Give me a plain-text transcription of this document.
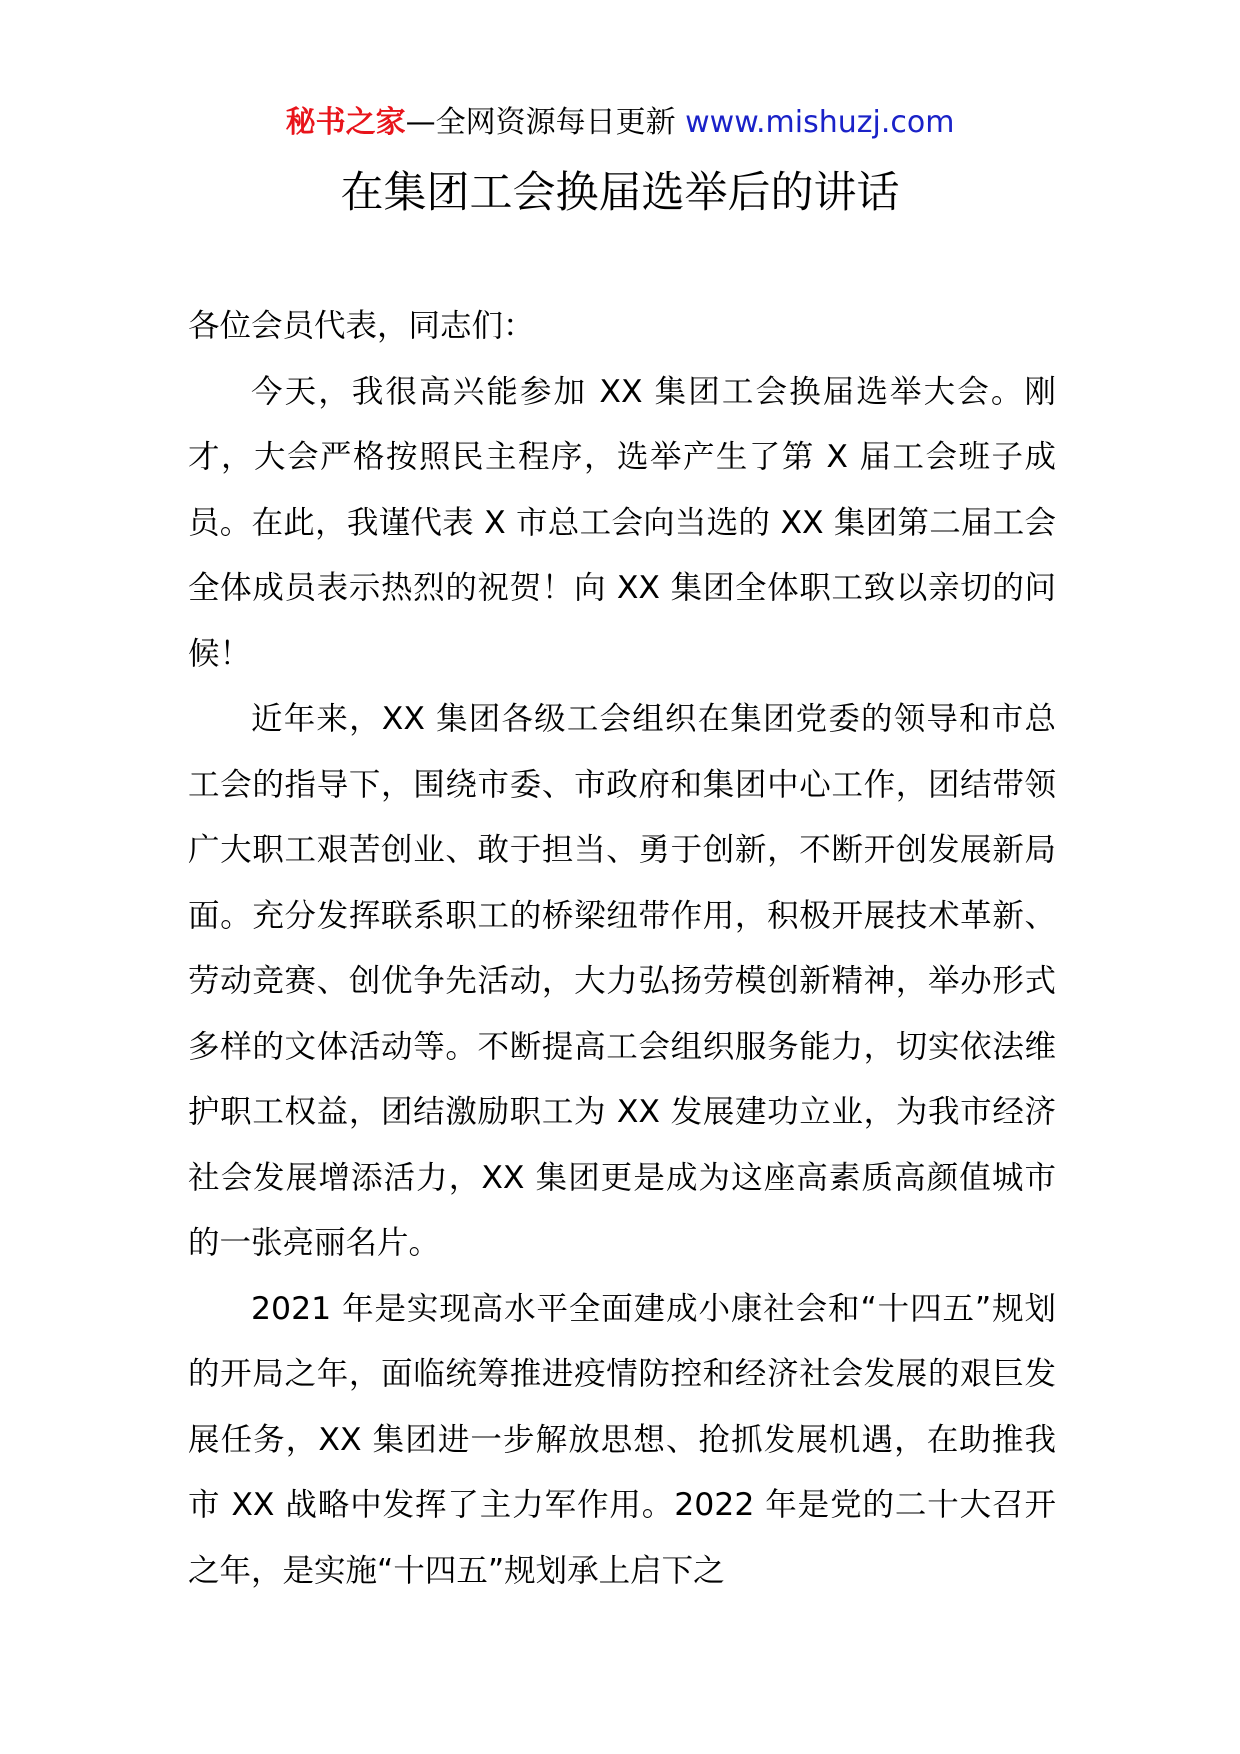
秘书之家—全网资源每日更新 www.mishuzj.com
在集团工会换届选举后的讲话

各位会员代表，同志们：

今天，我很高兴能参加 XX 集团工会换届选举大会。刚才，大会严格按照民主程序，选举产生了第 X 届工会班子成员。在此，我谨代表 X 市总工会向当选的 XX 集团第二届工会全体成员表示热烈的祝贺！向 XX 集团全体职工致以亲切的问候！

近年来，XX 集团各级工会组织在集团党委的领导和市总工会的指导下，围绕市委、市政府和集团中心工作，团结带领广大职工艰苦创业、敢于担当、勇于创新，不断开创发展新局面。充分发挥联系职工的桥梁纽带作用，积极开展技术革新、劳动竞赛、创优争先活动，大力弘扬劳模创新精神，举办形式多样的文体活动等。不断提高工会组织服务能力，切实依法维护职工权益，团结激励职工为 XX 发展建功立业，为我市经济社会发展增添活力，XX 集团更是成为这座高素质高颜值城市的一张亮丽名片。

2021 年是实现高水平全面建成小康社会和“十四五”规划的开局之年，面临统筹推进疫情防控和经济社会发展的艰巨发展任务，XX 集团进一步解放思想、抢抓发展机遇，在助推我市 XX 战略中发挥了主力军作用。2022 年是党的二十大召开之年，是实施“十四五”规划承上启下之
